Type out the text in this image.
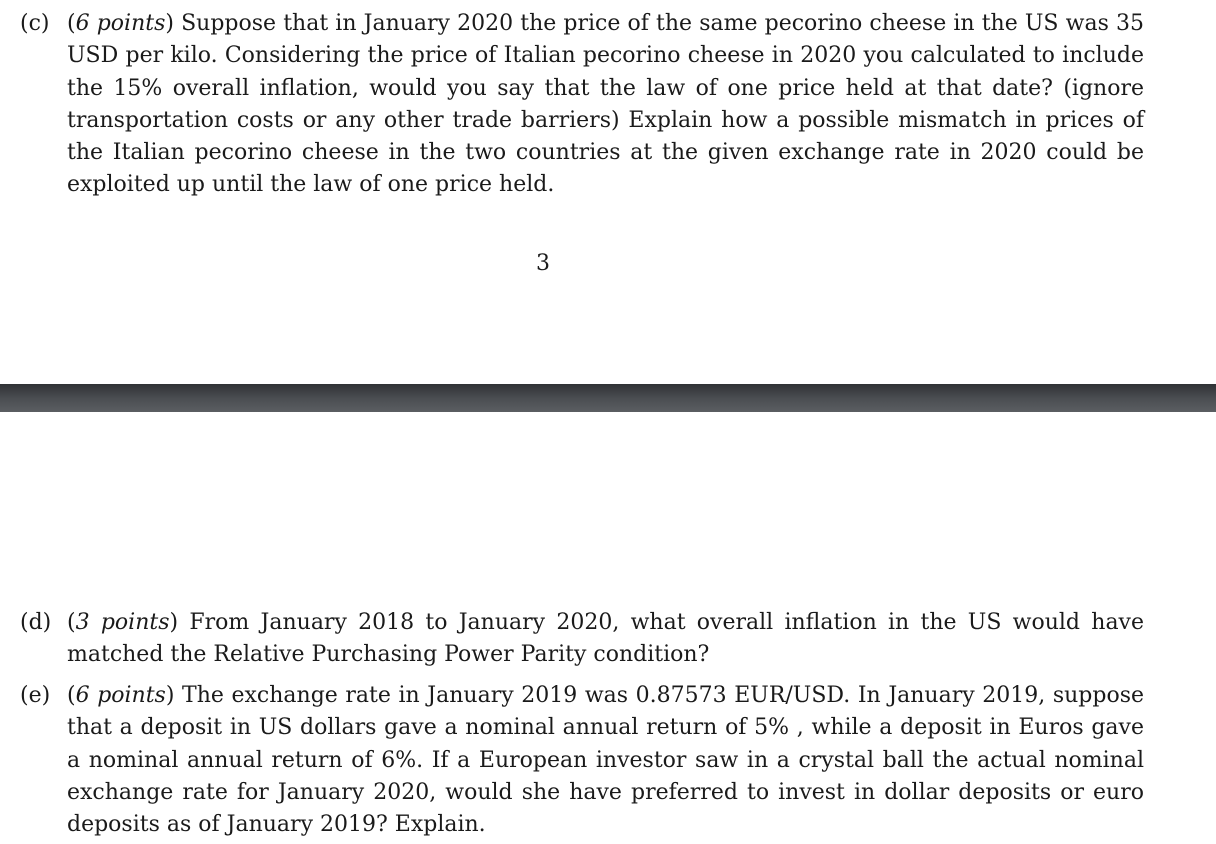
(c) (6 points) Suppose that in January 2020 the price of the same pecorino cheese in the US was 35 USD per kilo. Considering the price of Italian pecorino cheese in 2020 you calculated to include the 15% overall inflation, would you say that the law of one price held at that date? (ignore transportation costs or any other trade barriers) Explain how a possible mismatch in prices of the Italian pecorino cheese in the two countries at the given exchange rate in 2020 could be exploited up until the law of one price held.
3
(d) (3 points) From January 2018 to January 2020, what overall inflation in the US would have matched the Relative Purchasing Power Parity condition?
(e) (6 points) The exchange rate in January 2019 was 0.87573 EUR/USD. In January 2019, suppose that a deposit in US dollars gave a nominal annual return of 5% , while a deposit in Euros gave a nominal annual return of 6%. If a European investor saw in a crystal ball the actual nominal exchange rate for January 2020, would she have preferred to invest in dollar deposits or euro deposits as of January 2019? Explain.
